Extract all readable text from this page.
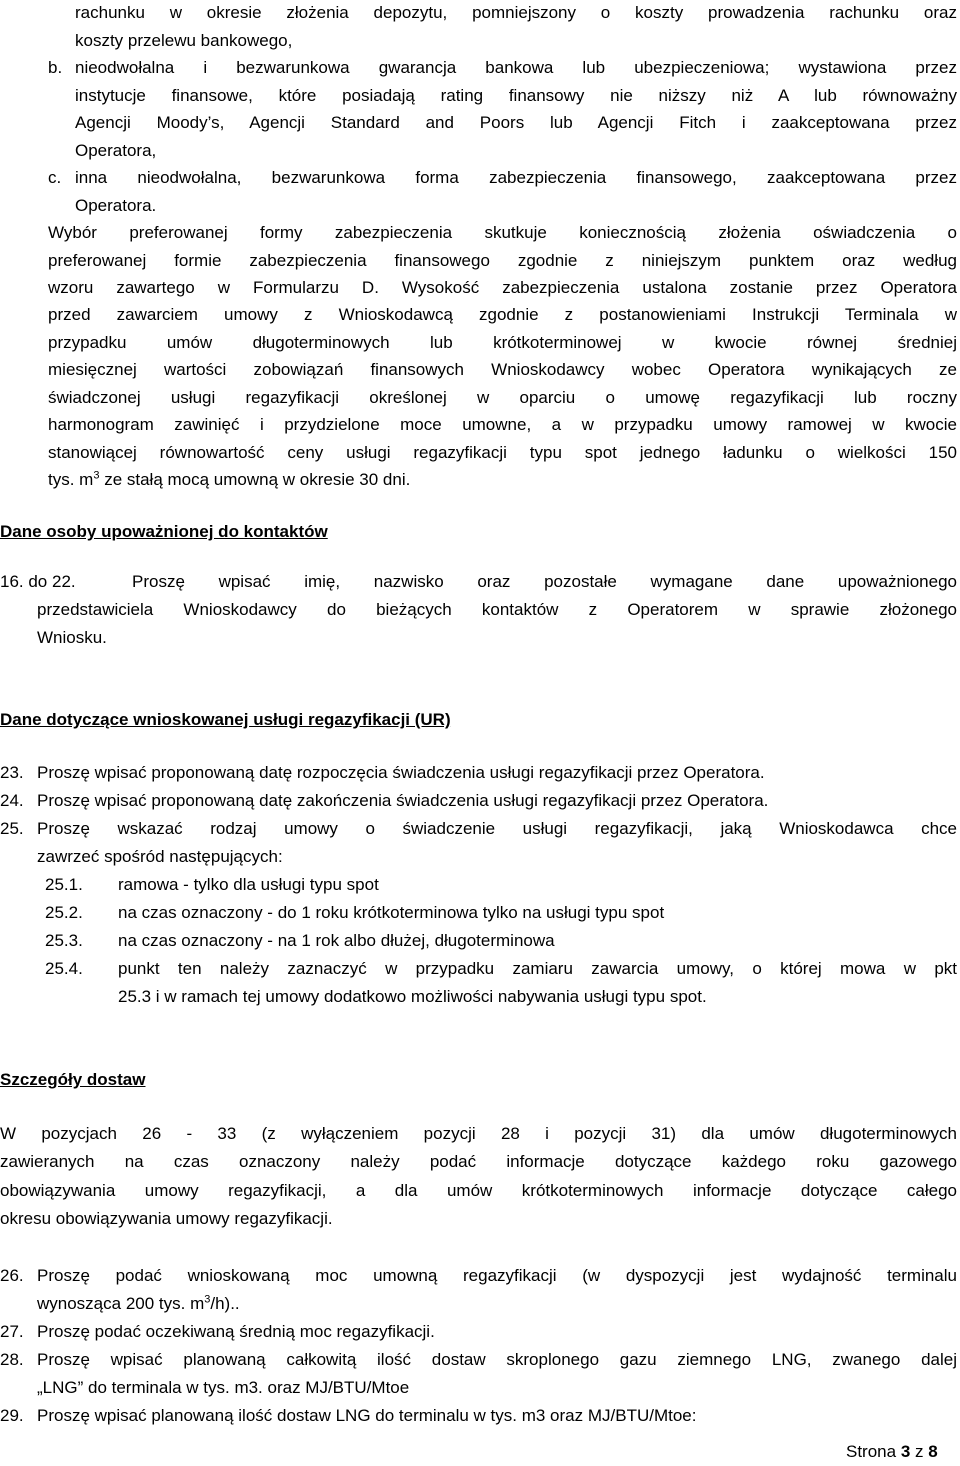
rachunku w okresie złożenia depozytu, pomniejszony o koszty prowadzenia rachunku oraz
koszty przelewu bankowego,
b. nieodwołalna i bezwarunkowa gwarancja bankowa lub ubezpieczeniowa; wystawiona przez
instytucje finansowe, które posiadają rating finansowy nie niższy niż A lub równoważny
Agencji Moody’s, Agencji Standard and Poors lub Agencji Fitch i zaakceptowana przez
Operatora,
c. inna nieodwołalna, bezwarunkowa forma zabezpieczenia finansowego, zaakceptowana przez
Operatora.
Wybór preferowanej formy zabezpieczenia skutkuje koniecznością złożenia oświadczenia o
preferowanej formie zabezpieczenia finansowego zgodnie z niniejszym punktem oraz według
wzoru zawartego w Formularzu D. Wysokość zabezpieczenia ustalona zostanie przez Operatora
przed zawarciem umowy z Wnioskodawcą zgodnie z postanowieniami Instrukcji Terminala w
przypadku umów długoterminowych lub krótkoterminowej w kwocie równej średniej
miesięcznej wartości zobowiązań finansowych Wnioskodawcy wobec Operatora wynikających ze
świadczonej usługi regazyfikacji określonej w oparciu o umowę regazyfikacji lub roczny
harmonogram zawinięć i przydzielone moce umowne, a w przypadku umowy ramowej w kwocie
stanowiącej równowartość ceny usługi regazyfikacji typu spot jednego ładunku o wielkości 150
tys. $m^3$ ze stałą mocą umowną w okresie 30 dni.
Dane osoby upoważnionej do kontaktów
16. do 22.	Proszę wpisać imię, nazwisko oraz pozostałe wymagane dane upoważnionego
przedstawiciela Wnioskodawcy do bieżących kontaktów z Operatorem w sprawie złożonego
Wniosku.
Dane dotyczące wnioskowanej usługi regazyfikacji (UR)
23. Proszę wpisać proponowaną datę rozpoczęcia świadczenia usługi regazyfikacji przez Operatora.
24. Proszę wpisać proponowaną datę zakończenia świadczenia usługi regazyfikacji przez Operatora.
25. Proszę wskazać rodzaj umowy o świadczenie usługi regazyfikacji, jaką Wnioskodawca chce
zawrzeć spośród następujących:
25.1. ramowa - tylko dla usługi typu spot
25.2. na czas oznaczony - do 1 roku krótkoterminowa tylko na usługi typu spot
25.3. na czas oznaczony - na 1 rok albo dłużej, długoterminowa
25.4. punkt ten należy zaznaczyć w przypadku zamiaru zawarcia umowy, o której mowa w pkt
25.3 i w ramach tej umowy dodatkowo możliwości nabywania usługi typu spot.
Szczegóły dostaw
W pozycjach 26 - 33 (z wyłączeniem pozycji 28 i pozycji 31) dla umów długoterminowych
zawieranych na czas oznaczony należy podać informacje dotyczące każdego roku gazowego
obowiązywania umowy regazyfikacji, a dla umów krótkoterminowych informacje dotyczące całego
okresu obowiązywania umowy regazyfikacji.
26. Proszę podać wnioskowaną moc umowną regazyfikacji (w dyspozycji jest wydajność terminalu
wynosząca 200 tys. $m^3/h$)..
27. Proszę podać oczekiwaną średnią moc regazyfikacji.
28. Proszę wpisać planowaną całkowitą ilość dostaw skroplonego gazu ziemnego LNG, zwanego dalej
„LNG” do terminala w tys. m3. oraz MJ/BTU/Mtoe
29. Proszę wpisać planowaną ilość dostaw LNG do terminalu w tys. m3 oraz MJ/BTU/Mtoe:
Strona 3 z 8
